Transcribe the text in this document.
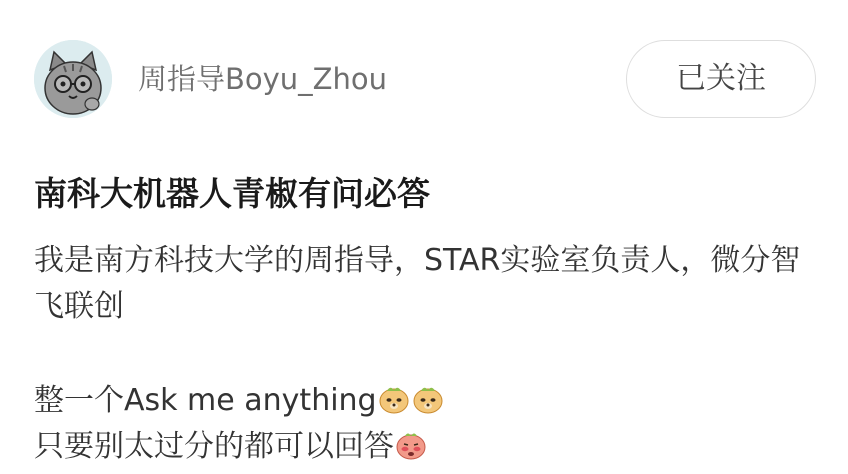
周指导Boyu_Zhou	已关注
南科大机器人青椒有问必答

我是南方科技大学的周指导，STAR实验室负责人，微分智飞联创

整一个Ask me anything

只要别太过分的都可以回答
